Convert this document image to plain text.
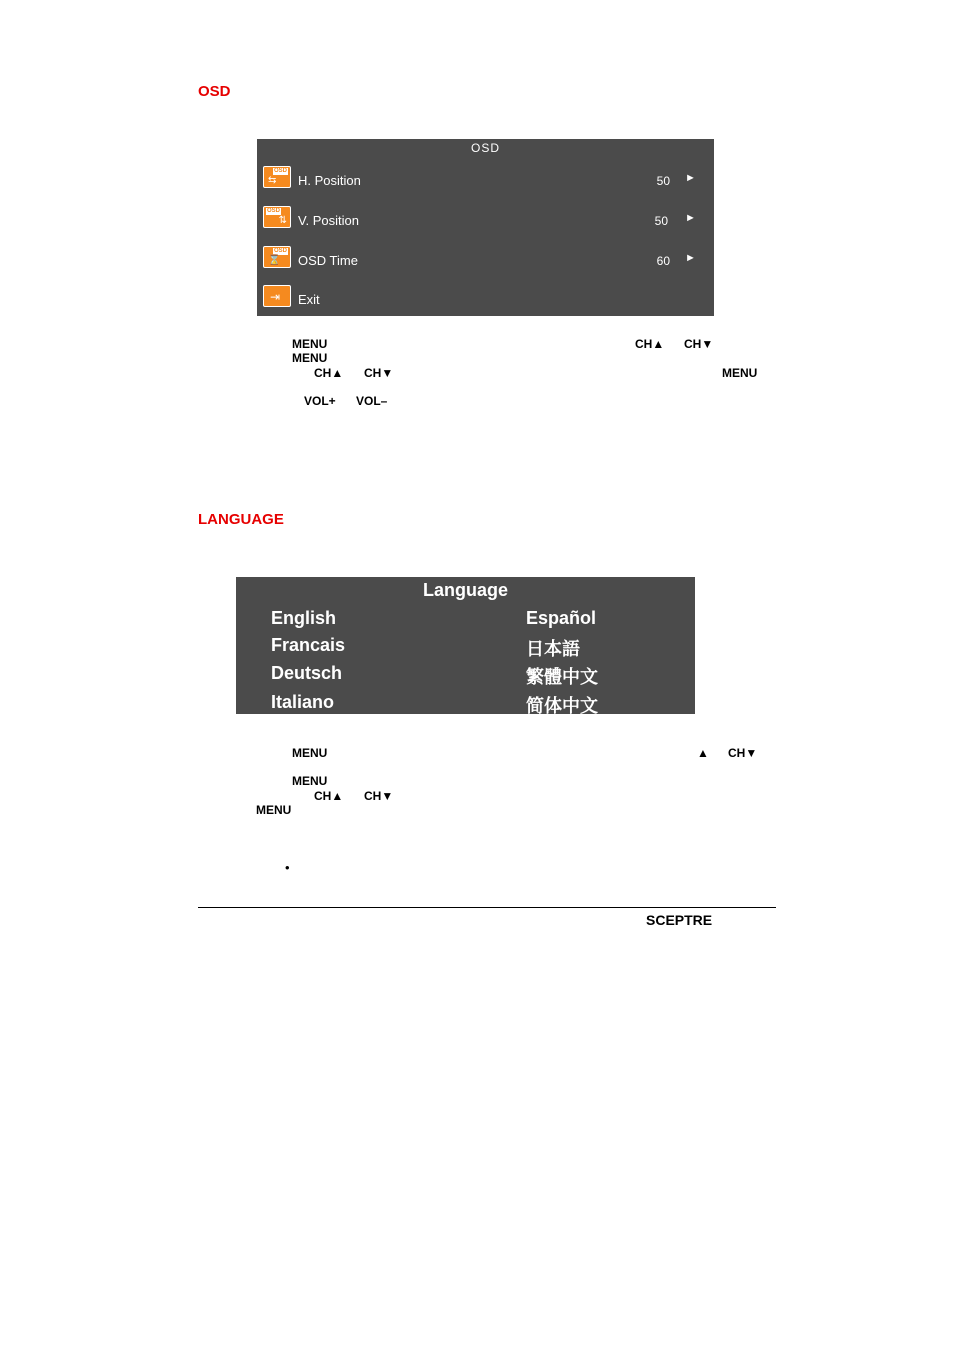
OSD
OSD
OSD
⇆ H. Position	50 ►
OSD
⇅ V. Position	50 ►
OSD
⌛ OSD Time	60 ►
⇥ Exit
MENU	CH▲ CH▼
MENU
CH▲ CH▼	MENU
VOL+ VOL–
LANGUAGE
Language
English
Francais
Deutsch
Italiano
Español
日本語
繁體中文
简体中文
MENU	▲ CH▼
MENU
CH▲ CH▼
MENU
•
SCEPTRE
